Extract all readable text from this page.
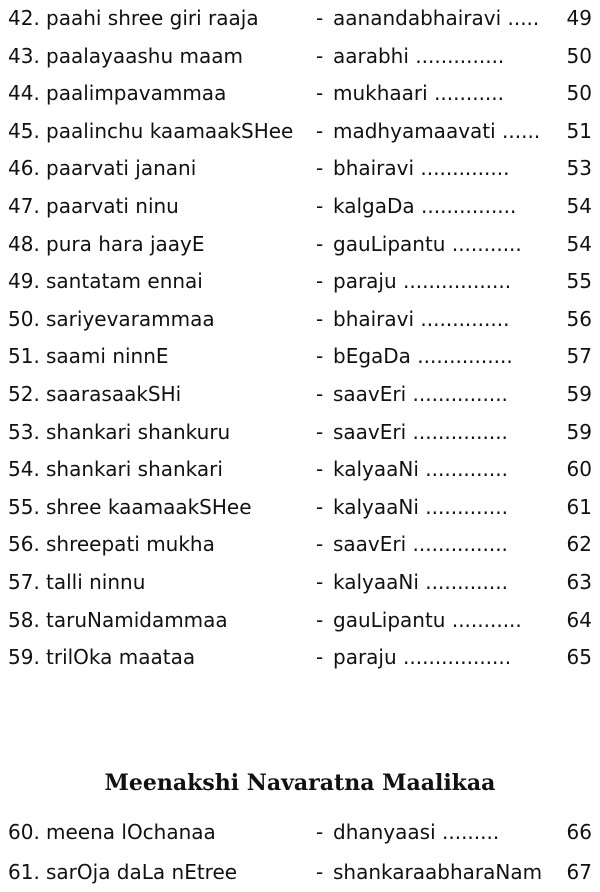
42. paahi shree giri raaja	- aanandabhairavi ..... 49
43. paalayaashu maam	- aarabhi ..............	50
44. paalimpavammaa	- mukhaari ...........	50
45. paalinchu kaamaakSHee - madhyamaavati ...... 51
46. paarvati janani	- bhairavi ..............	53
47. paarvati ninu	- kalgaDa ...............	54
48. pura hara jaayE	- gauLipantu ........... 54
49. santatam ennai	- paraju .................	55
50. sariyevarammaa	- bhairavi ..............	56
51. saami ninnE	- bEgaDa ...............	57
52. saarasaakSHi	- saavEri ...............	59
53. shankari shankuru	- saavEri ...............	59
54. shankari shankari	- kalyaaNi .............	60
55. shree kaamaakSHee	- kalyaaNi .............	61
56. shreepati mukha	- saavEri ...............	62
57. talli ninnu	- kalyaaNi .............	63
58. taruNamidammaa	- gauLipantu ........... 64
59. trilOka maataa	- paraju .................	65
Meenakshi Navaratna Maalikaa
60. meena lOchanaa	- dhanyaasi .........	66
61. sarOja daLa nEtree	- shankaraabharaNam 67
